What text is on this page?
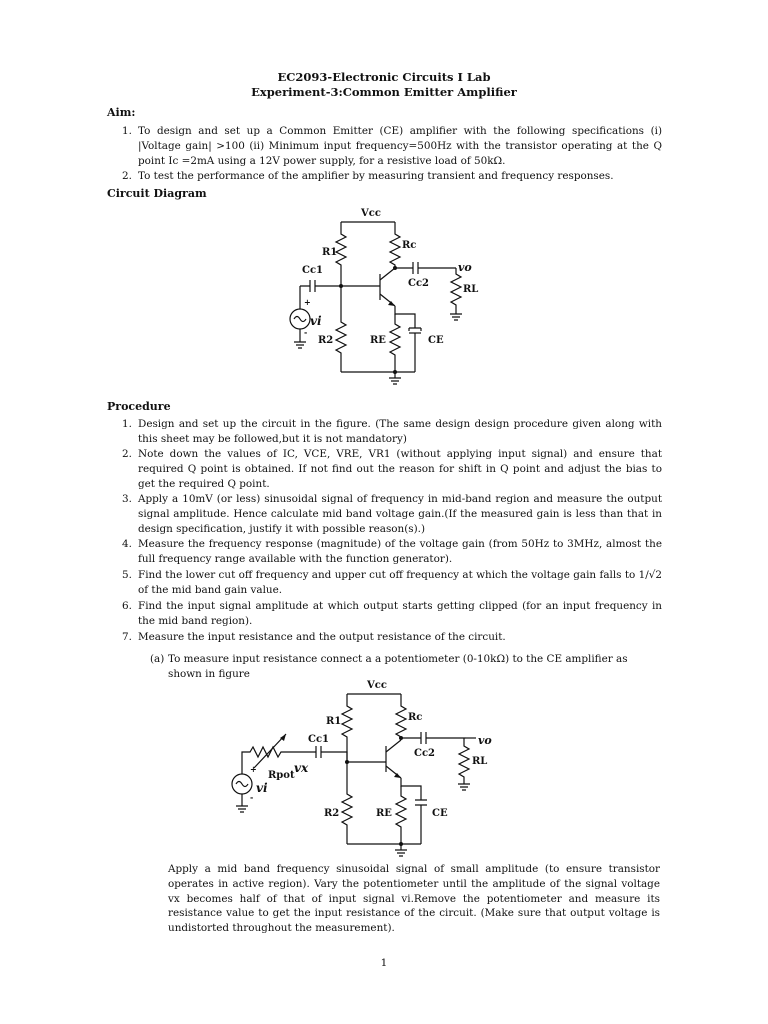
EC2093-Electronic Circuits I Lab
Experiment-3:Common Emitter Amplifier
Aim:
1. To design and set up a Common Emitter (CE) amplifier with the following specifications (i) |Voltage gain| >100 (ii) Minimum input frequency=500Hz with the transistor operating at the Q point Ic =2mA using a 12V power supply, for a resistive load of 50kΩ.
2. To test the performance of the amplifier by measuring transient and frequency responses.
Circuit Diagram
Vcc
R1
Rc
vo
Cc2
RL
Cc1
+
-
vi
R2	RE	CE
Procedure
1. Design and set up the circuit in the figure. (The same design design procedure given along with this sheet may be followed,but it is not mandatory)
2. Note down the values of IC, VCE, VRE, VR1 (without applying input signal) and ensure that required Q point is obtained. If not find out the reason for shift in Q point and adjust the bias to get the required Q point.
3. Apply a 10mV (or less) sinusoidal signal of frequency in mid-band region and measure the output signal amplitude. Hence calculate mid band voltage gain.(If the measured gain is less than that in design specification, justify it with possible reason(s).)
4. Measure the frequency response (magnitude) of the voltage gain (from 50Hz to 3MHz, almost the full frequency range available with the function generator).
5. Find the lower cut off frequency and upper cut off frequency at which the voltage gain falls to 1/√2 of the mid band gain value.
6. Find the input signal amplitude at which output starts getting clipped (for an input frequency in the mid band region).
7. Measure the input resistance and the output resistance of the circuit.
(a) To measure input resistance connect a a potentiometer (0-10kΩ) to the CE amplifier as shown in figure
Vcc
R1	Rc
vo
Cc2
RL
Cc1
vx
Rpot
+
-
vi
R2	RE	CE
Apply a mid band frequency sinusoidal signal of small amplitude (to ensure transistor operates in active region). Vary the potentiometer until the amplitude of the signal voltage vx becomes half of that of input signal vi.Remove the potentiometer and measure its resistance value to get the input resistance of the circuit. (Make sure that output voltage is undistorted throughout the measurement).
1
